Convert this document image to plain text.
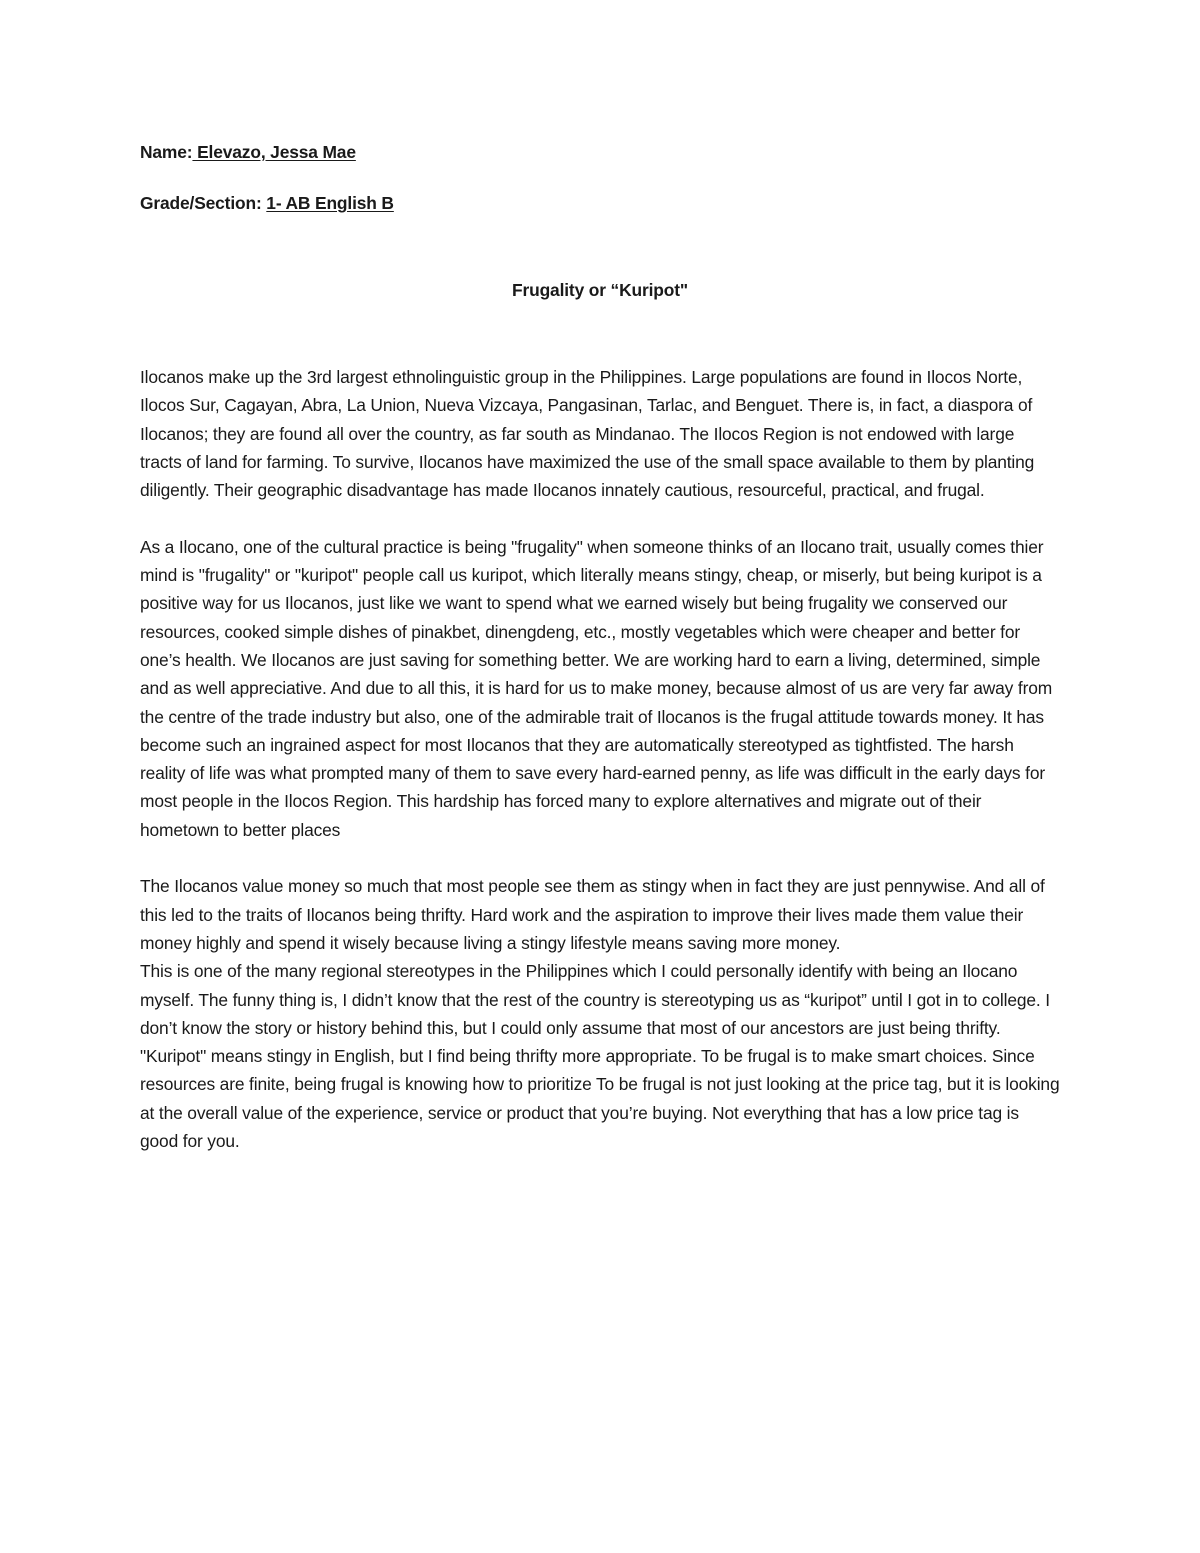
Name: Elevazo, Jessa Mae

Grade/Section: 1- AB English B

Frugality or “Kuripot"

Ilocanos make up the 3rd largest ethnolinguistic group in the Philippines. Large populations are found in Ilocos Norte, Ilocos Sur, Cagayan, Abra, La Union, Nueva Vizcaya, Pangasinan, Tarlac, and Benguet. There is, in fact, a diaspora of Ilocanos; they are found all over the country, as far south as Mindanao. The Ilocos Region is not endowed with large tracts of land for farming. To survive, Ilocanos have maximized the use of the small space available to them by planting diligently. Their geographic disadvantage has made Ilocanos innately cautious, resourceful, practical, and frugal.

As a Ilocano, one of the cultural practice is being "frugality" when someone thinks of an Ilocano trait, usually comes thier mind is "frugality" or "kuripot" people call us kuripot, which literally means stingy, cheap, or miserly, but being kuripot is a positive way for us Ilocanos, just like we want to spend what we earned wisely but being frugality we conserved our resources, cooked simple dishes of pinakbet, dinengdeng, etc., mostly vegetables which were cheaper and better for one’s health. We Ilocanos are just saving for something better. We are working hard to earn a living, determined, simple and as well appreciative. And due to all this, it is hard for us to make money, because almost of us are very far away from the centre of the trade industry but also, one of the admirable trait of Ilocanos is the frugal attitude towards money. It has become such an ingrained aspect for most Ilocanos that they are automatically stereotyped as tightfisted. The harsh reality of life was what prompted many of them to save every hard-earned penny, as life was difficult in the early days for most people in the Ilocos Region. This hardship has forced many to explore alternatives and migrate out of their hometown to better places

The Ilocanos value money so much that most people see them as stingy when in fact they are just pennywise. And all of this led to the traits of Ilocanos being thrifty. Hard work and the aspiration to improve their lives made them value their money highly and spend it wisely because living a stingy lifestyle means saving more money.

This is one of the many regional stereotypes in the Philippines which I could personally identify with being an Ilocano myself. The funny thing is, I didn’t know that the rest of the country is stereotyping us as “kuripot” until I got in to college. I don’t know the story or history behind this, but I could only assume that most of our ancestors are just being thrifty. "Kuripot" means stingy in English, but I find being thrifty more appropriate. To be frugal is to make smart choices. Since resources are finite, being frugal is knowing how to prioritize To be frugal is not just looking at the price tag, but it is looking at the overall value of the experience, service or product that you’re buying. Not everything that has a low price tag is good for you.
